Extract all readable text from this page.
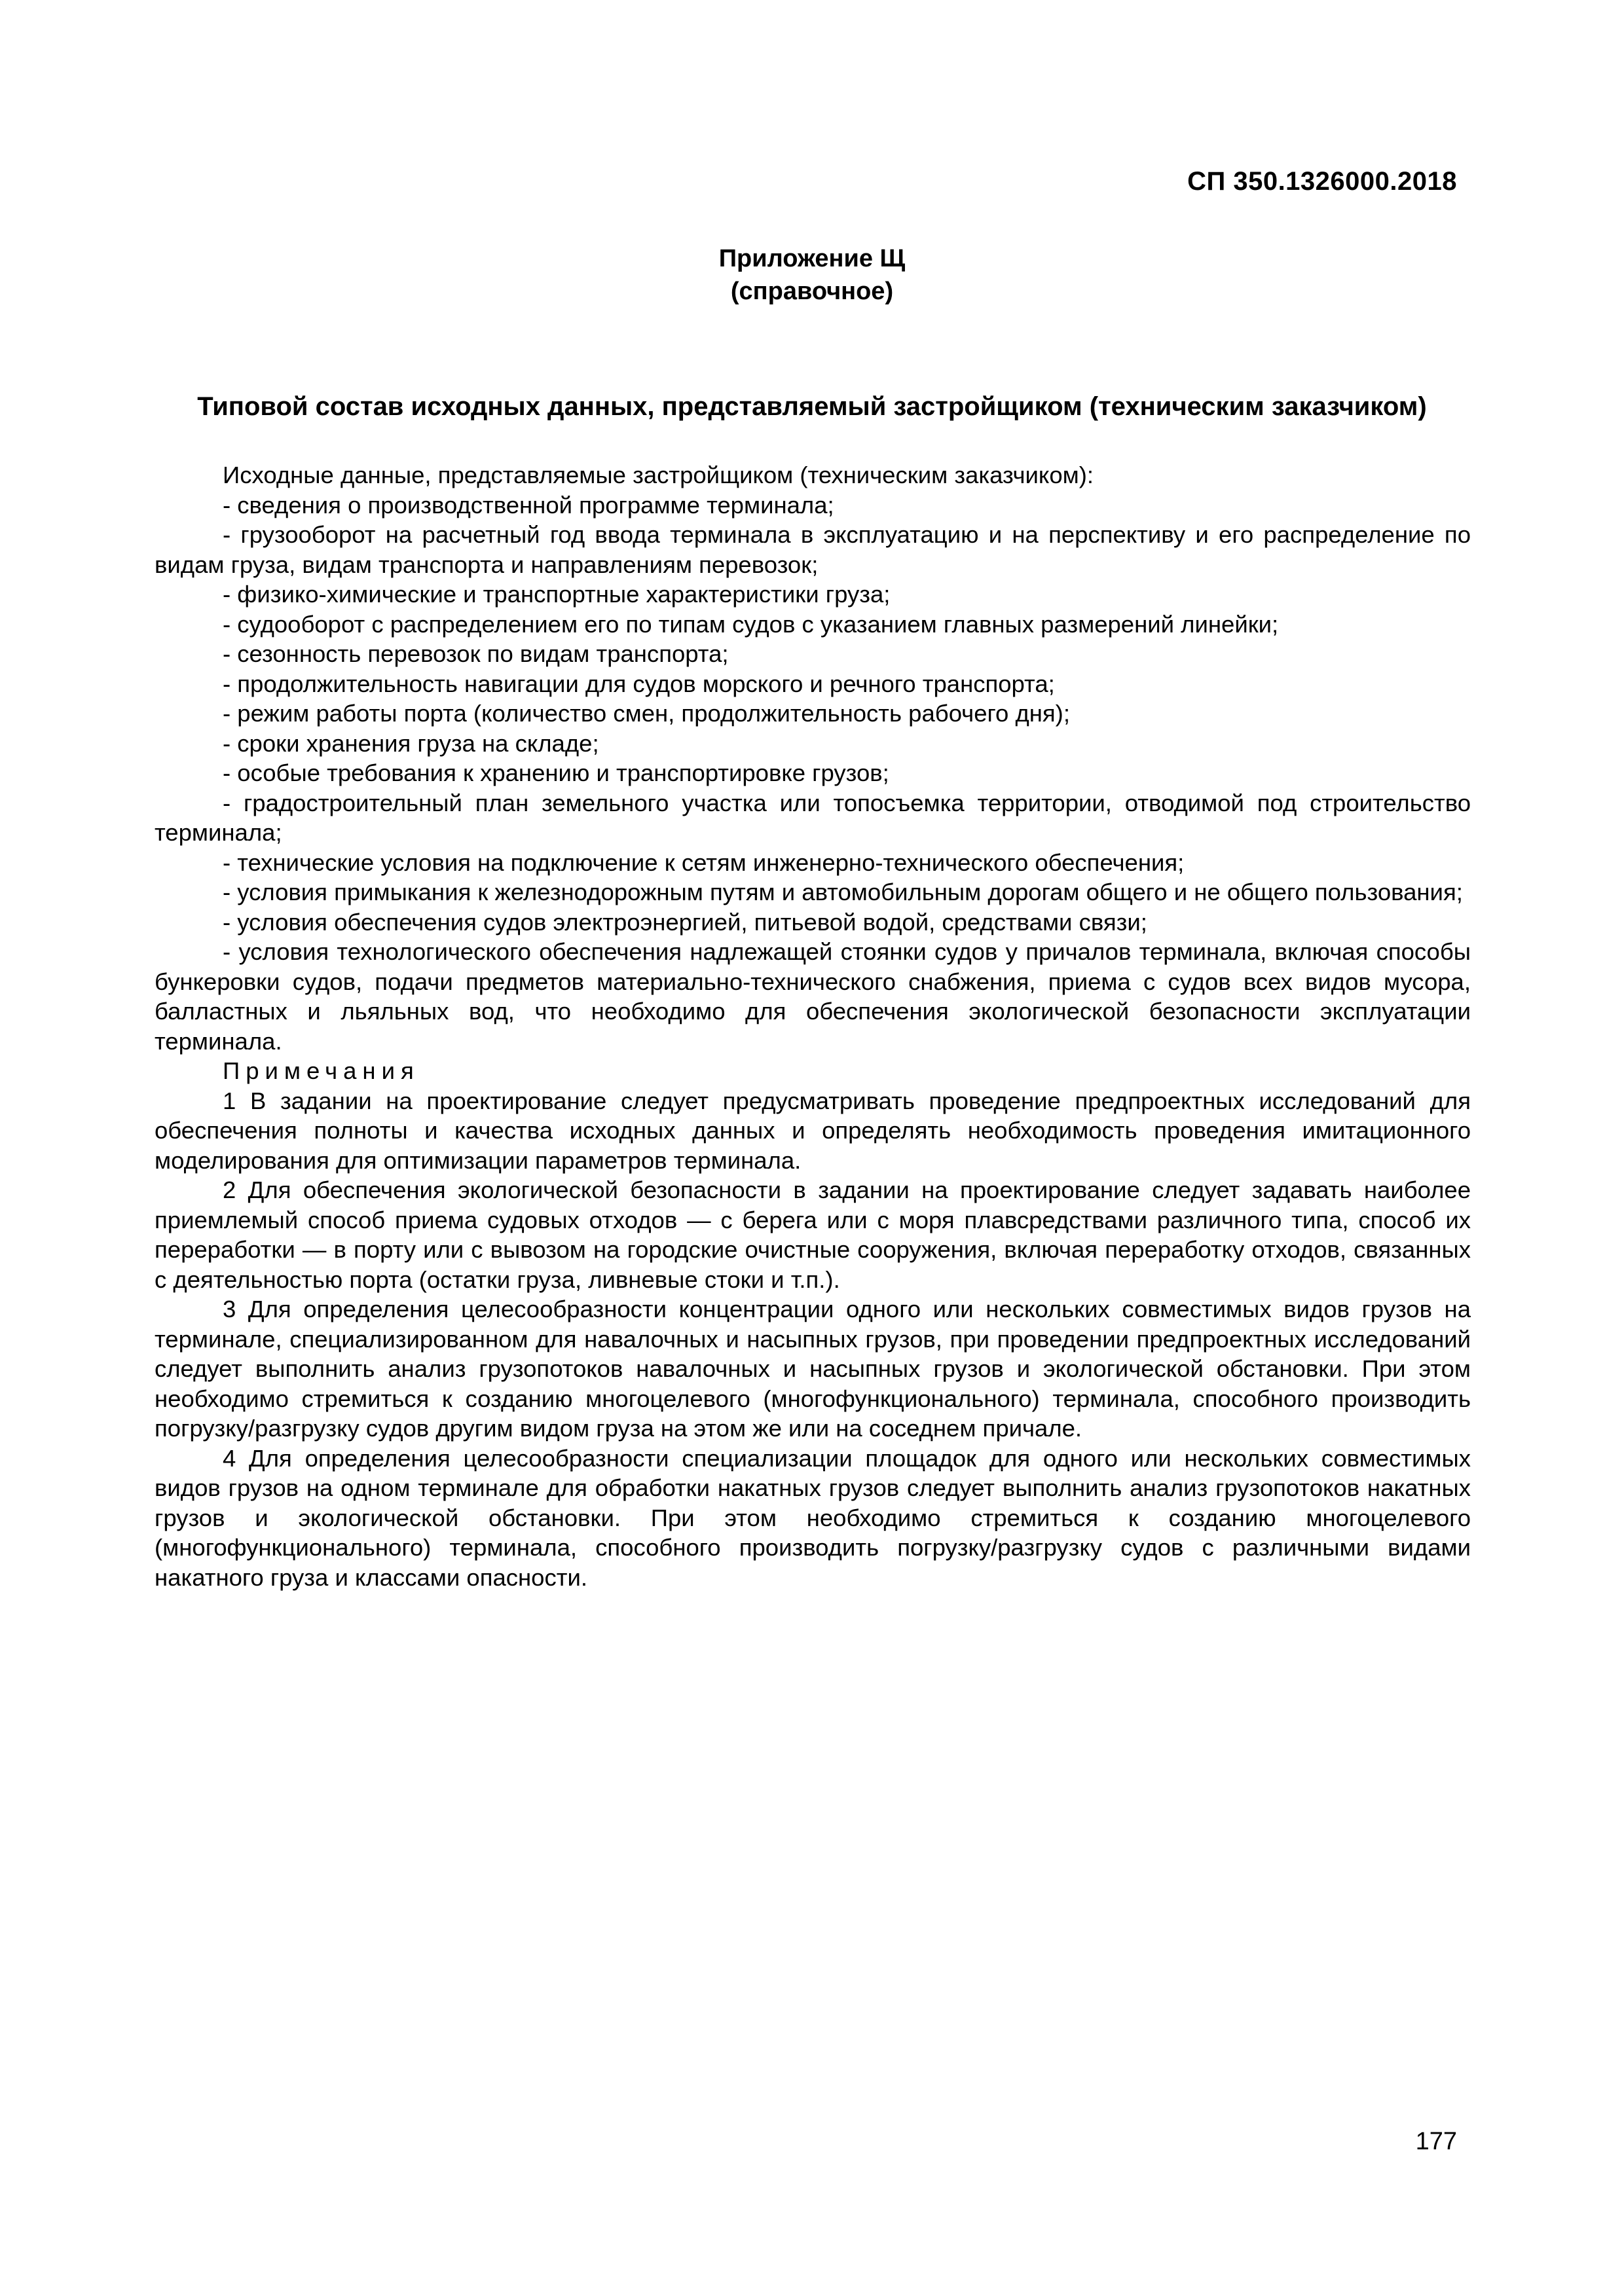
СП 350.1326000.2018
Приложение Щ
(справочное)
Типовой состав исходных данных, представляемый застройщиком (техническим заказчиком)

Исходные данные, представляемые застройщиком (техническим заказчиком):

- сведения о производственной программе терминала;

- грузооборот на расчетный год ввода терминала в эксплуатацию и на перспективу и его распределение по видам груза, видам транспорта и направлениям перевозок;

- физико-химические и транспортные характеристики груза;

- судооборот с распределением его по типам судов с указанием главных размерений линейки;

- сезонность перевозок по видам транспорта;

- продолжительность навигации для судов морского и речного транспорта;

- режим работы порта (количество смен, продолжительность рабочего дня);

- сроки хранения груза на складе;

- особые требования к хранению и транспортировке грузов;

- градостроительный план земельного участка или топосъемка территории, отводимой под строительство терминала;

- технические условия на подключение к сетям инженерно-технического обеспечения;

- условия примыкания к железнодорожным путям и автомобильным дорогам общего и не общего пользования;

- условия обеспечения судов электроэнергией, питьевой водой, средствами связи;

- условия технологического обеспечения надлежащей стоянки судов у причалов терминала, включая способы бункеровки судов, подачи предметов материально-технического снабжения, приема с судов всех видов мусора, балластных и льяльных вод, что необходимо для обеспечения экологической безопасности эксплуатации терминала.

Примечания

1 В задании на проектирование следует предусматривать проведение предпроектных исследований для обеспечения полноты и качества исходных данных и определять необходимость проведения имитационного моделирования для оптимизации параметров терминала.

2 Для обеспечения экологической безопасности в задании на проектирование следует задавать наиболее приемлемый способ приема судовых отходов — с берега или с моря плавсредствами различного типа, способ их переработки — в порту или с вывозом на городские очистные сооружения, включая переработку отходов, связанных с деятельностью порта (остатки груза, ливневые стоки и т.п.).

3 Для определения целесообразности концентрации одного или нескольких совместимых видов грузов на терминале, специализированном для навалочных и насыпных грузов, при проведении предпроектных исследований следует выполнить анализ грузопотоков навалочных и насыпных грузов и экологической обстановки. При этом необходимо стремиться к созданию многоцелевого (многофункционального) терминала, способного производить погрузку/разгрузку судов другим видом груза на этом же или на соседнем причале.

4 Для определения целесообразности специализации площадок для одного или нескольких совместимых видов грузов на одном терминале для обработки накатных грузов следует выполнить анализ грузопотоков накатных грузов и экологической обстановки. При этом необходимо стремиться к созданию многоцелевого (многофункционального) терминала, способного производить погрузку/разгрузку судов с различными видами накатного груза и классами опасности.

177
